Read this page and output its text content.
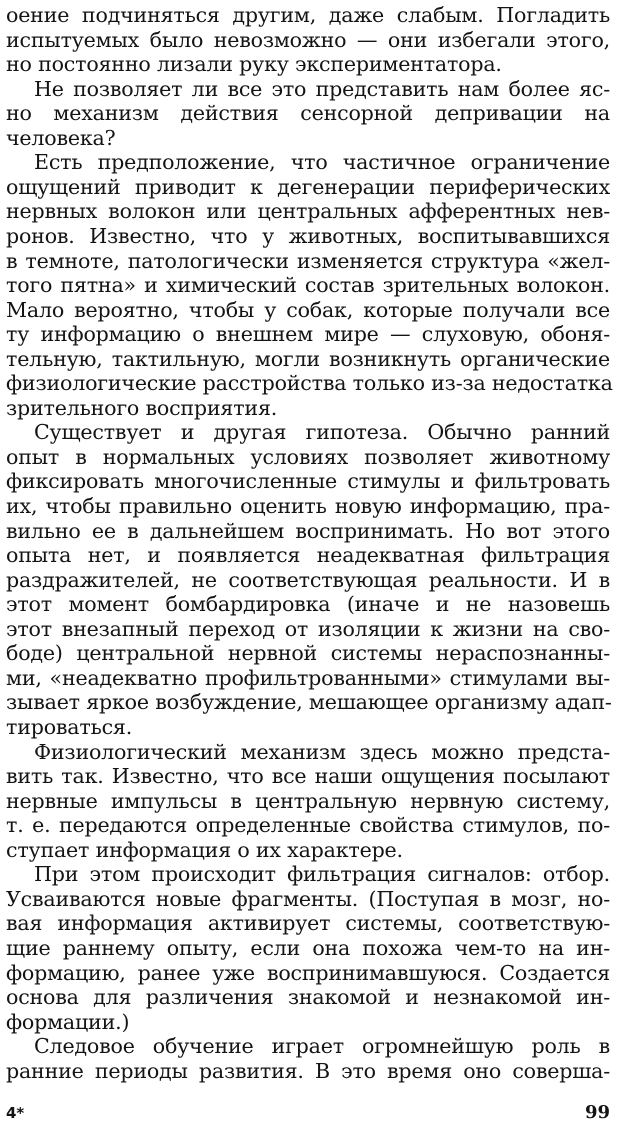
оение подчиняться другим, даже слабым. Погладить
испытуемых было невозможно — они избегали этого,
но постоянно лизали руку экспериментатора.
Не позволяет ли все это представить нам более яс-
но механизм действия сенсорной депривации на
человека?
Есть предположение, что частичное ограничение
ощущений приводит к дегенерации периферических
нервных волокон или центральных афферентных нев-
ронов. Известно, что у животных, воспитывавшихся
в темноте, патологически изменяется структура «жел-
того пятна» и химический состав зрительных волокон.
Мало вероятно, чтобы у собак, которые получали все
ту информацию о внешнем мире — слуховую, обоня-
тельную, тактильную, могли возникнуть органические
физиологические расстройства только из-за недостатка
зрительного восприятия.
Существует и другая гипотеза. Обычно ранний
опыт в нормальных условиях позволяет животному
фиксировать многочисленные стимулы и фильтровать
их, чтобы правильно оценить новую информацию, пра-
вильно ее в дальнейшем воспринимать. Но вот этого
опыта нет, и появляется неадекватная фильтрация
раздражителей, не соответствующая реальности. И в
этот момент бомбардировка (иначе и не назовешь
этот внезапный переход от изоляции к жизни на сво-
боде) центральной нервной системы нераспознанны-
ми, «неадекватно профильтрованными» стимулами вы-
зывает яркое возбуждение, мешающее организму адап-
тироваться.
Физиологический механизм здесь можно предста-
вить так. Известно, что все наши ощущения посылают
нервные импульсы в центральную нервную систему,
т. е. передаются определенные свойства стимулов, по-
ступает информация о их характере.
При этом происходит фильтрация сигналов: отбор.
Усваиваются новые фрагменты. (Поступая в мозг, но-
вая информация активирует системы, соответствую-
щие раннему опыту, если она похожа чем-то на ин-
формацию, ранее уже воспринимавшуюся. Создается
основа для различения знакомой и незнакомой ин-
формации.)
Следовое обучение играет огромнейшую роль в
ранние периоды развития. В это время оно соверша-
4*	99
